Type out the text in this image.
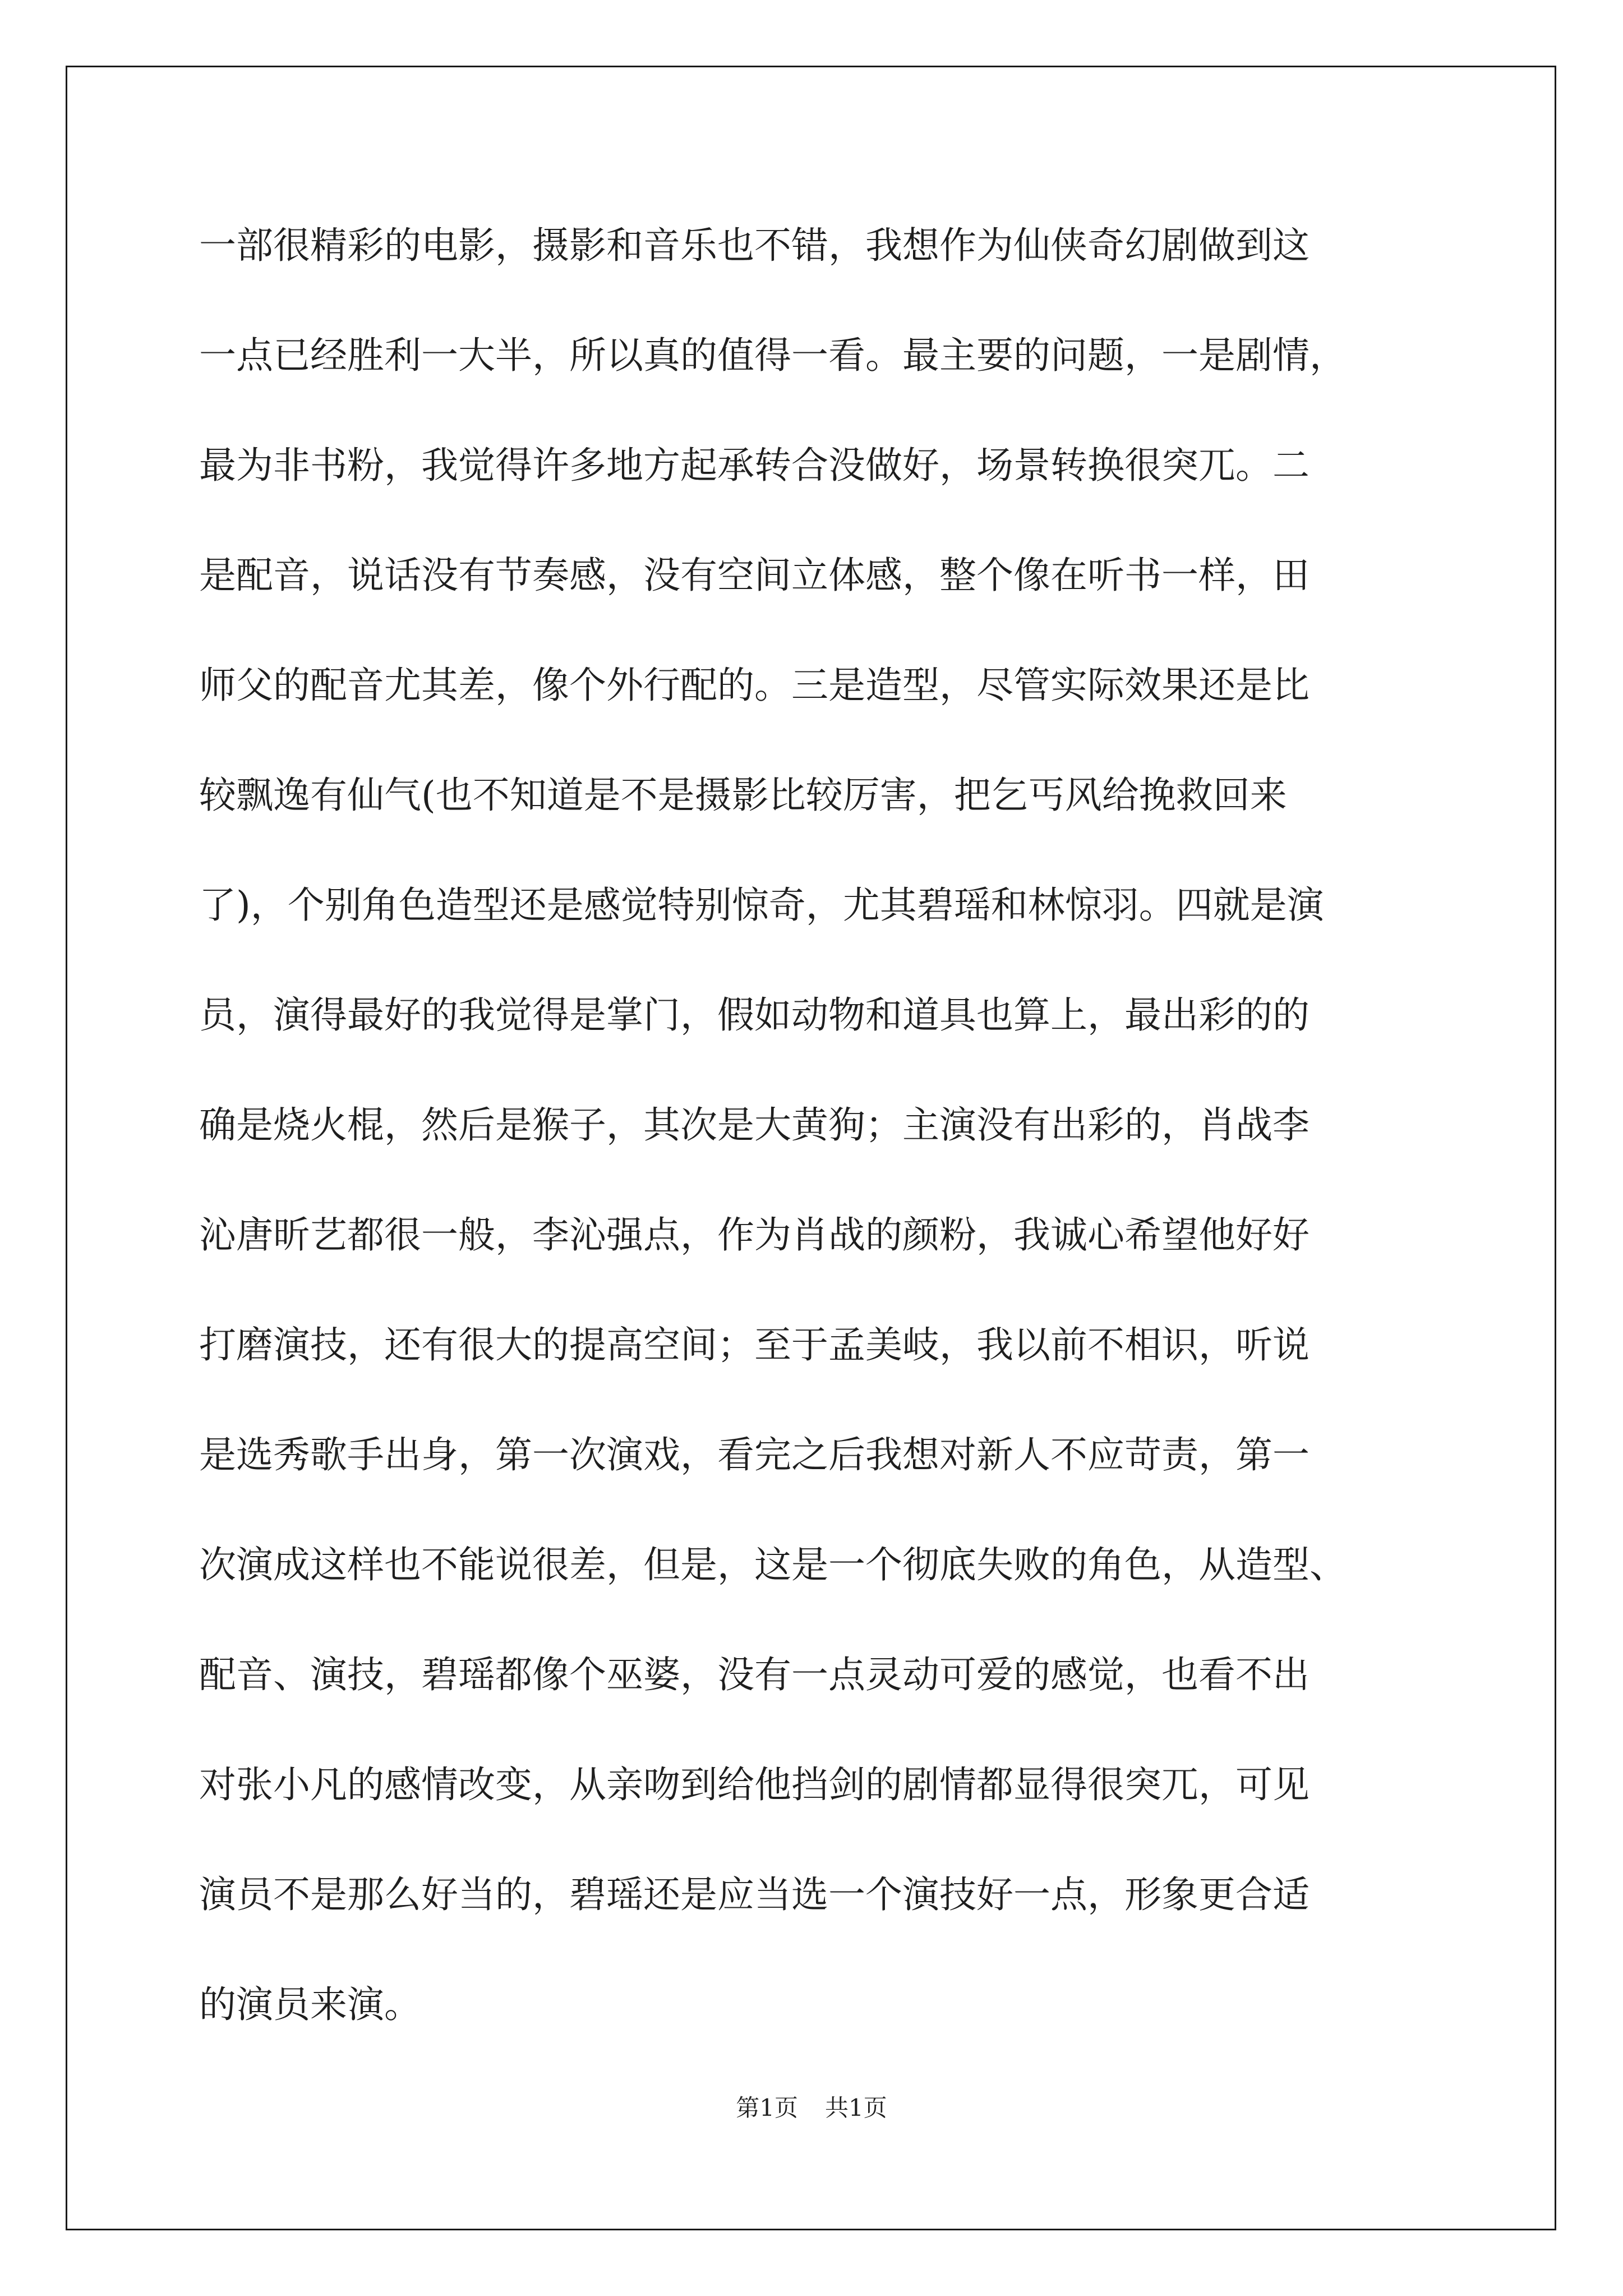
一部很精彩的电影，摄影和音乐也不错，我想作为仙侠奇幻剧做到这
一点已经胜利一大半，所以真的值得一看。最主要的问题，一是剧情，
最为非书粉，我觉得许多地方起承转合没做好，场景转换很突兀。二
是配音，说话没有节奏感，没有空间立体感，整个像在听书一样，田
师父的配音尤其差，像个外行配的。三是造型，尽管实际效果还是比
较飘逸有仙气(也不知道是不是摄影比较厉害，把乞丐风给挽救回来
了)，个别角色造型还是感觉特别惊奇，尤其碧瑶和林惊羽。四就是演
员，演得最好的我觉得是掌门，假如动物和道具也算上，最出彩的的
确是烧火棍，然后是猴子，其次是大黄狗；主演没有出彩的，肖战李
沁唐昕艺都很一般，李沁强点，作为肖战的颜粉，我诚心希望他好好
打磨演技，还有很大的提高空间；至于孟美岐，我以前不相识，听说
是选秀歌手出身，第一次演戏，看完之后我想对新人不应苛责，第一
次演成这样也不能说很差，但是，这是一个彻底失败的角色，从造型、
配音、演技，碧瑶都像个巫婆，没有一点灵动可爱的感觉，也看不出
对张小凡的感情改变，从亲吻到给他挡剑的剧情都显得很突兀，可见
演员不是那么好当的，碧瑶还是应当选一个演技好一点，形象更合适
的演员来演。
第1页 共1页
